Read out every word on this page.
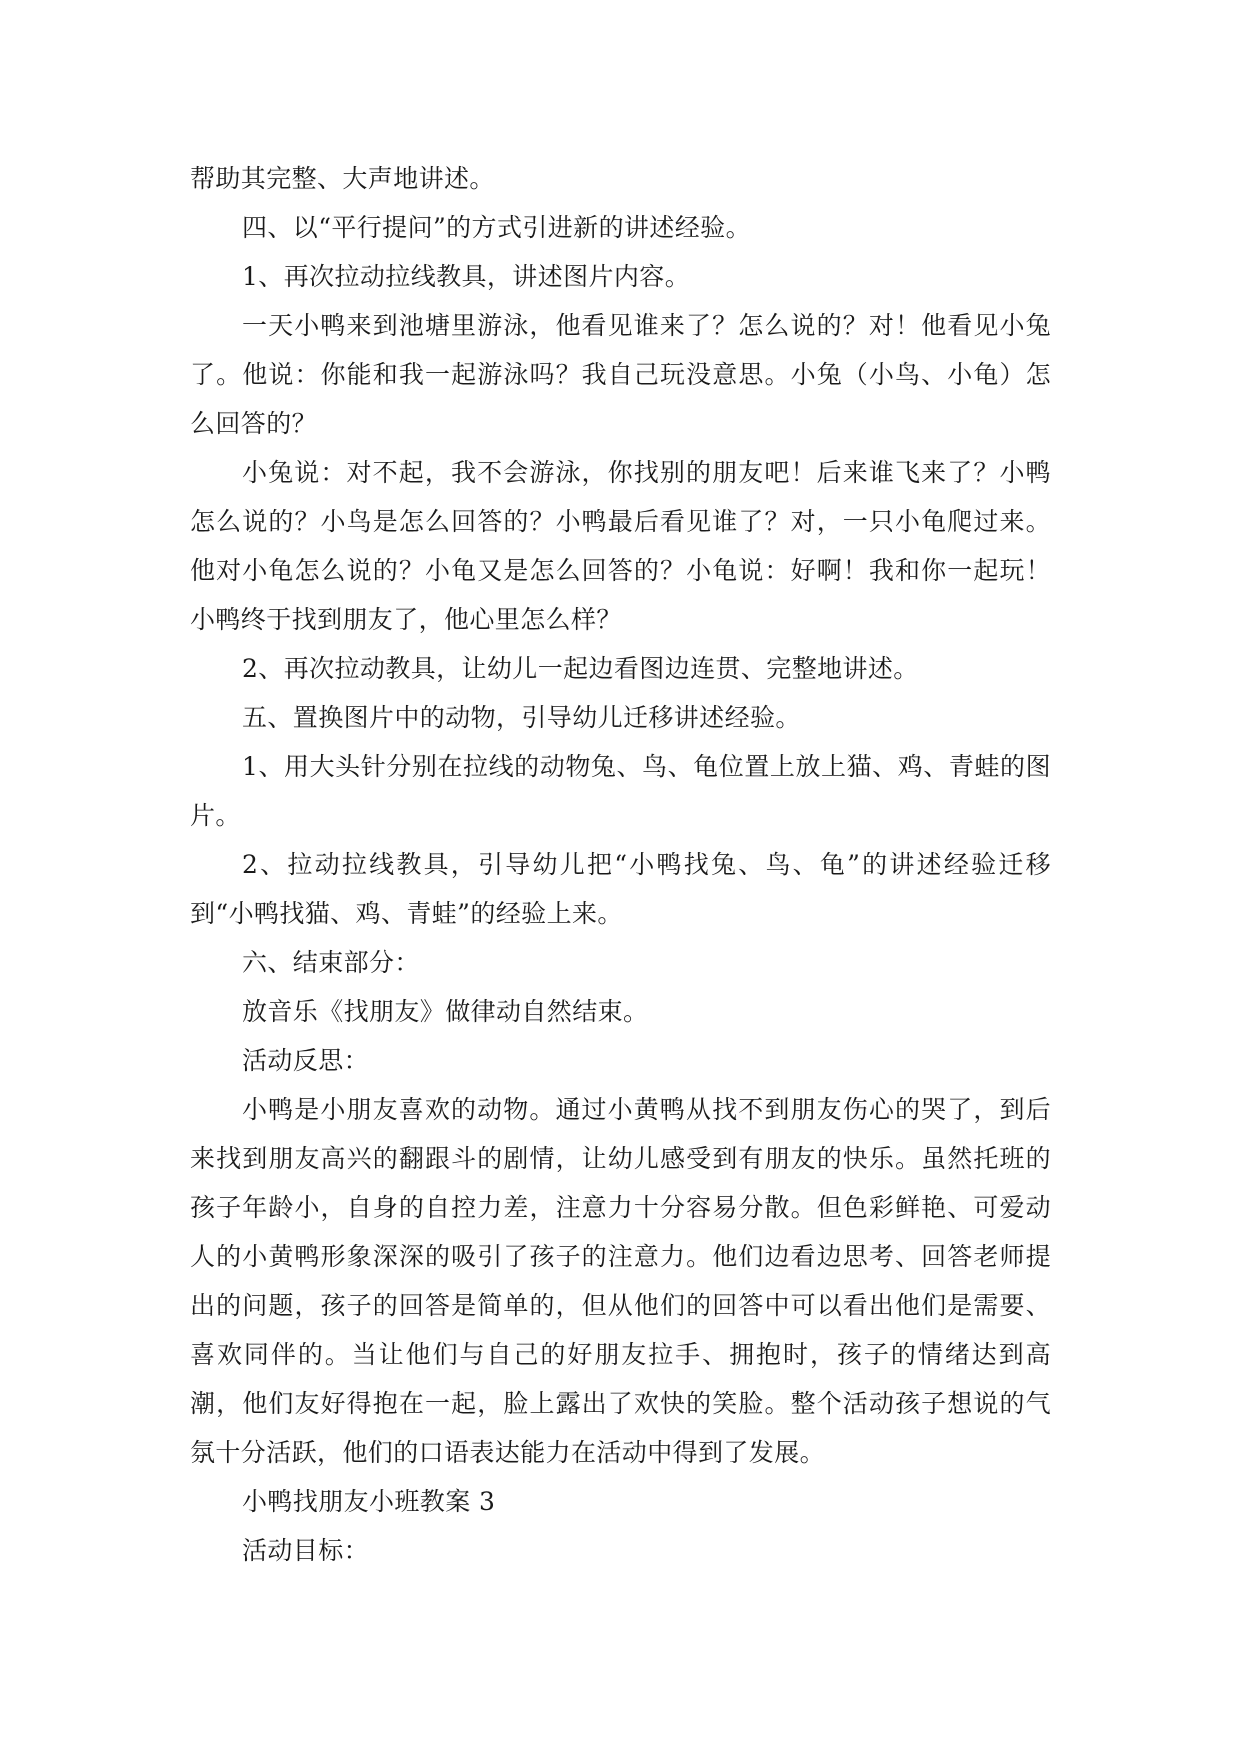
帮助其完整、大声地讲述。

四、以“平行提问”的方式引进新的讲述经验。

1、再次拉动拉线教具，讲述图片内容。

一天小鸭来到池塘里游泳，他看见谁来了？怎么说的？对！他看见小兔了。他说：你能和我一起游泳吗？我自己玩没意思。小兔（小鸟、小龟）怎么回答的？

小兔说：对不起，我不会游泳，你找别的朋友吧！后来谁飞来了？小鸭怎么说的？小鸟是怎么回答的？小鸭最后看见谁了？对，一只小龟爬过来。他对小龟怎么说的？小龟又是怎么回答的？小龟说：好啊！我和你一起玩！小鸭终于找到朋友了，他心里怎么样？

2、再次拉动教具，让幼儿一起边看图边连贯、完整地讲述。

五、置换图片中的动物，引导幼儿迁移讲述经验。

1、用大头针分别在拉线的动物兔、鸟、龟位置上放上猫、鸡、青蛙的图片。

2、拉动拉线教具，引导幼儿把“小鸭找兔、鸟、龟”的讲述经验迁移到“小鸭找猫、鸡、青蛙”的经验上来。

六、结束部分：

放音乐《找朋友》做律动自然结束。

活动反思：

小鸭是小朋友喜欢的动物。通过小黄鸭从找不到朋友伤心的哭了，到后来找到朋友高兴的翻跟斗的剧情，让幼儿感受到有朋友的快乐。虽然托班的孩子年龄小，自身的自控力差，注意力十分容易分散。但色彩鲜艳、可爱动人的小黄鸭形象深深的吸引了孩子的注意力。他们边看边思考、回答老师提出的问题，孩子的回答是简单的，但从他们的回答中可以看出他们是需要、喜欢同伴的。当让他们与自己的好朋友拉手、拥抱时，孩子的情绪达到高潮，他们友好得抱在一起，脸上露出了欢快的笑脸。整个活动孩子想说的气氛十分活跃，他们的口语表达能力在活动中得到了发展。

小鸭找朋友小班教案 3

活动目标：
